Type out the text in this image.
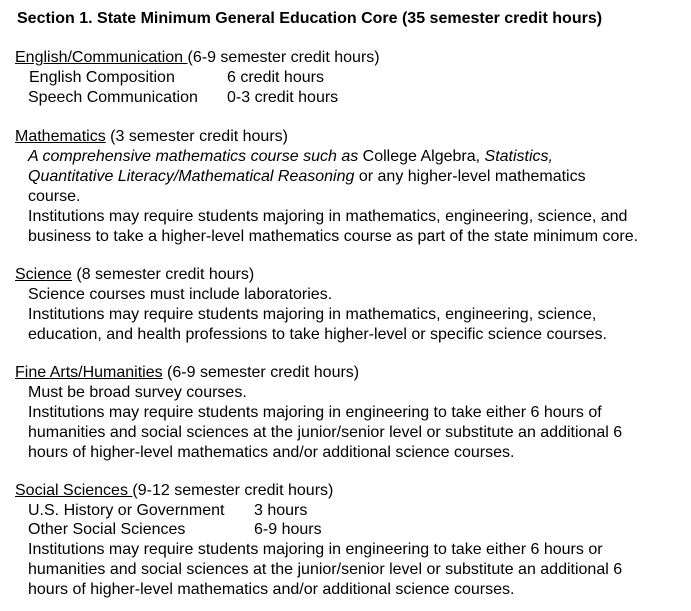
Section 1. State Minimum General Education Core (35 semester credit hours)
English/Communication (6-9 semester credit hours)
English Composition	6 credit hours
Speech Communication 0-3 credit hours
Mathematics (3 semester credit hours)
A comprehensive mathematics course such as College Algebra, Statistics,
Quantitative Literacy/Mathematical Reasoning or any higher-level mathematics
course.
Institutions may require students majoring in mathematics, engineering, science, and
business to take a higher-level mathematics course as part of the state minimum core.
Science (8 semester credit hours)
Science courses must include laboratories.
Institutions may require students majoring in mathematics, engineering, science,
education, and health professions to take higher-level or specific science courses.
Fine Arts/Humanities (6-9 semester credit hours)
Must be broad survey courses.
Institutions may require students majoring in engineering to take either 6 hours of
humanities and social sciences at the junior/senior level or substitute an additional 6
hours of higher-level mathematics and/or additional science courses.
Social Sciences (9-12 semester credit hours)
U.S. History or Government 3 hours
Other Social Sciences	6-9 hours
Institutions may require students majoring in engineering to take either 6 hours or
humanities and social sciences at the junior/senior level or substitute an additional 6
hours of higher-level mathematics and/or additional science courses.
